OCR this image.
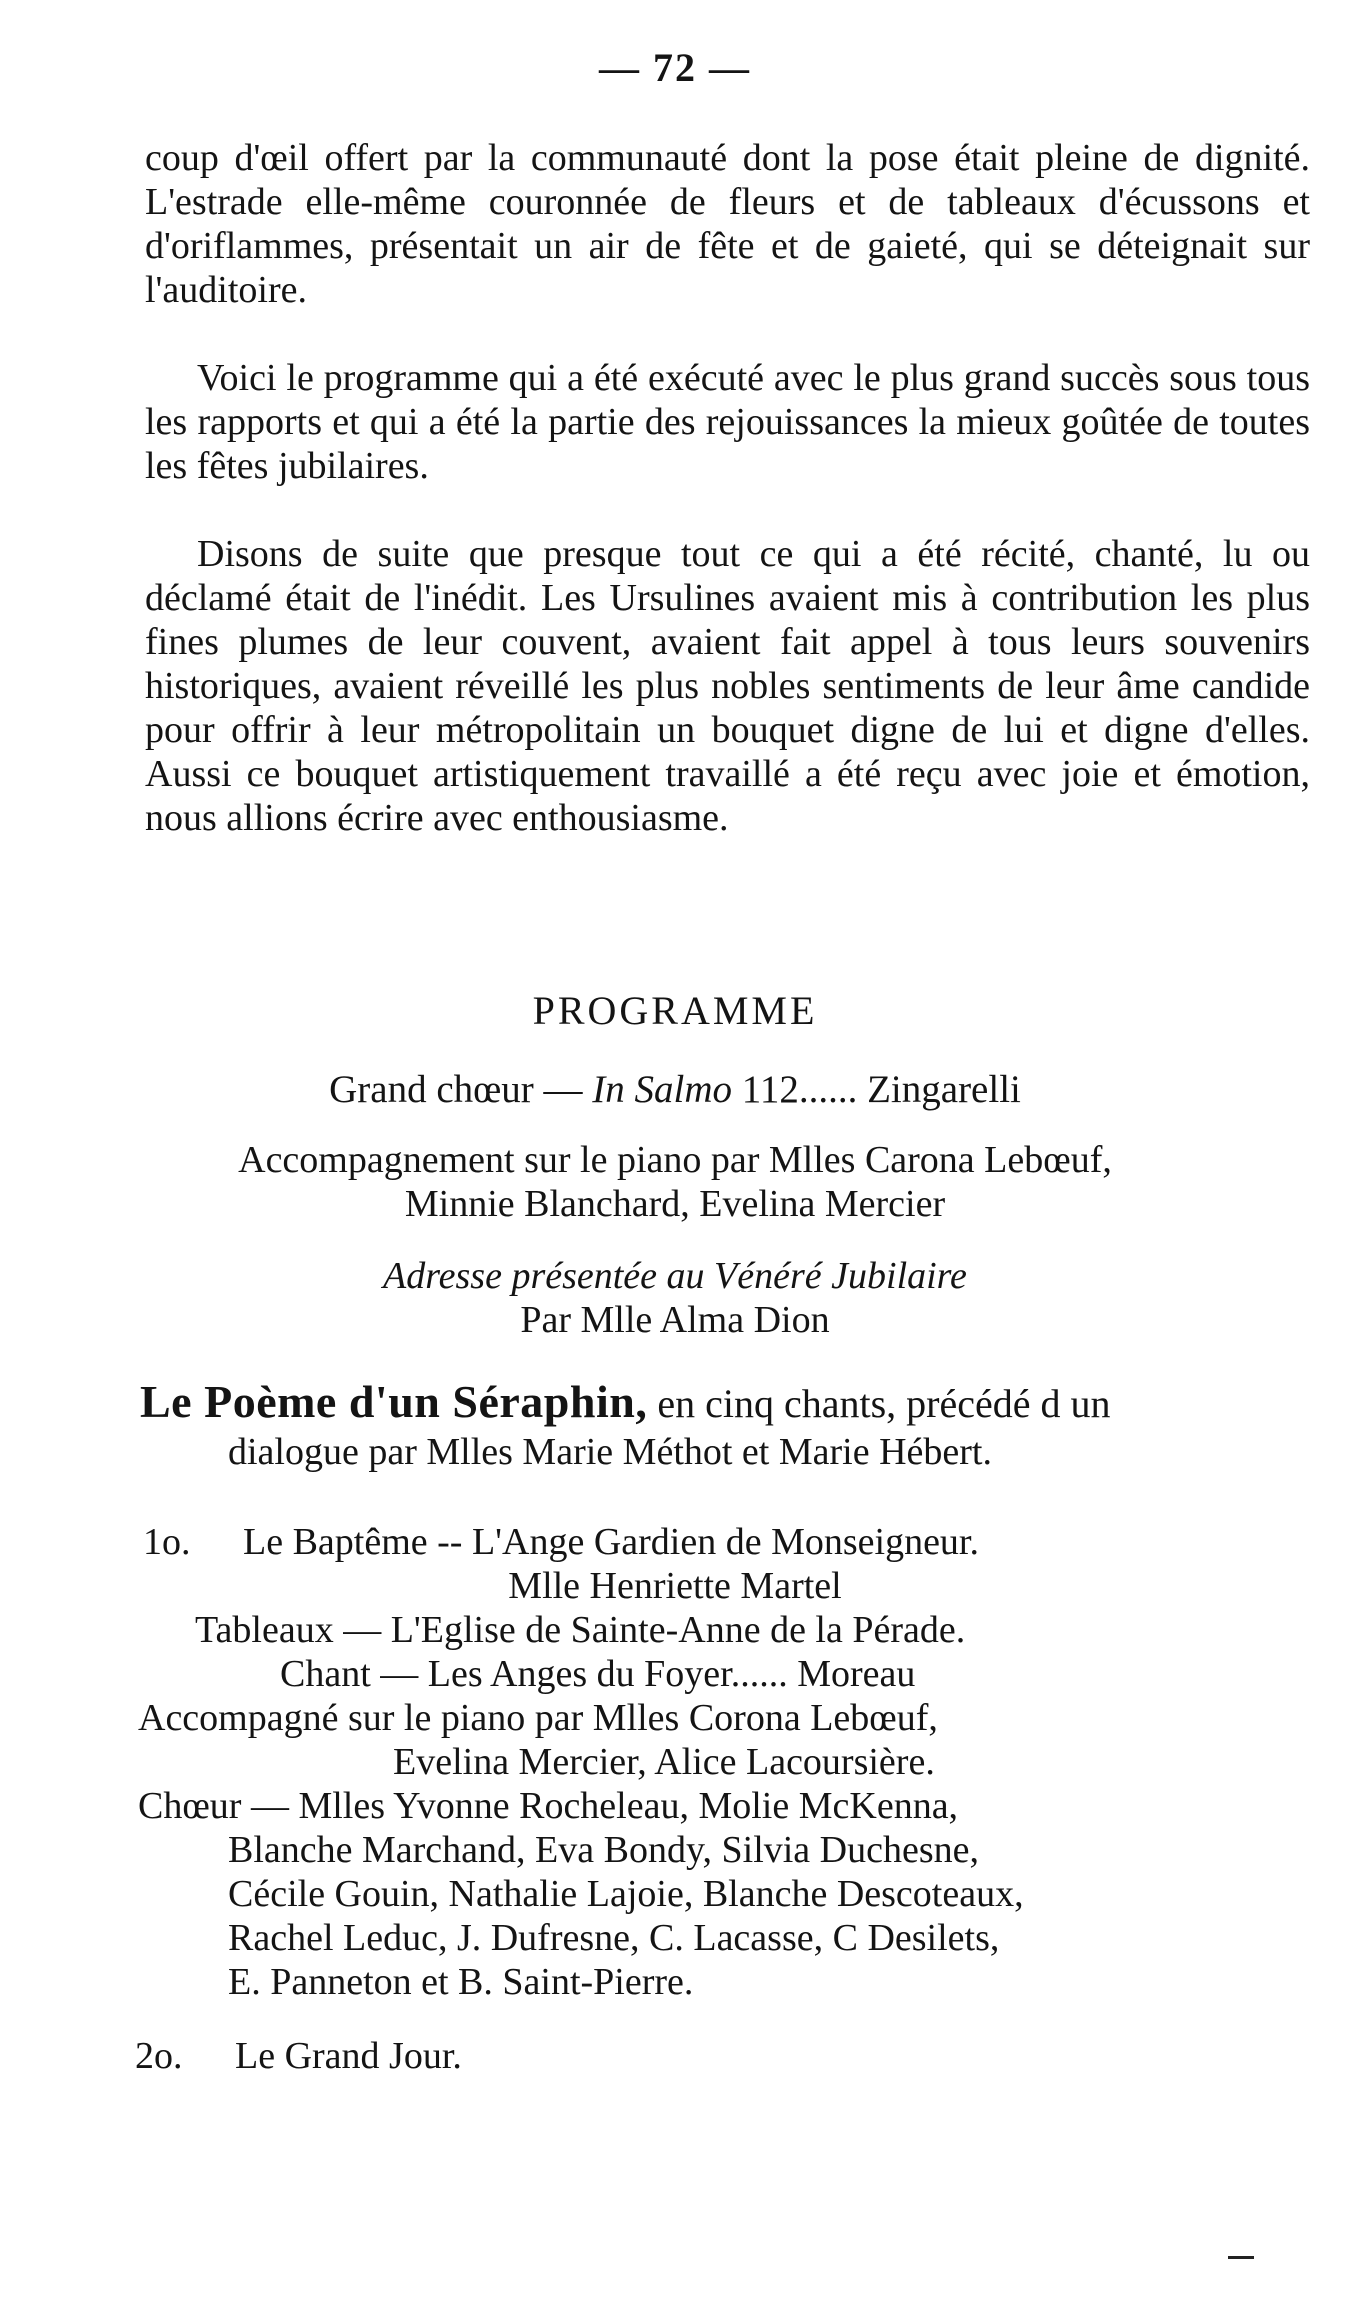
— 72 —

coup d'œil offert par la communauté dont la pose était pleine de dignité. L'estrade elle-même couronnée de fleurs et de tableaux d'écussons et d'oriflammes, présentait un air de fête et de gaieté, qui se déteignait sur l'auditoire.

Voici le programme qui a été exécuté avec le plus grand succès sous tous les rapports et qui a été la partie des rejouissances la mieux goûtée de toutes les fêtes jubilaires.

Disons de suite que presque tout ce qui a été récité, chanté, lu ou déclamé était de l'inédit. Les Ursulines avaient mis à contribution les plus fines plumes de leur couvent, avaient fait appel à tous leurs souvenirs historiques, avaient réveillé les plus nobles sentiments de leur âme candide pour offrir à leur métropolitain un bouquet digne de lui et digne d'elles. Aussi ce bouquet artistiquement travaillé a été reçu avec joie et émotion, nous allions écrire avec enthousiasme.

PROGRAMME
Grand chœur — In Salmo 112...... Zingarelli
Accompagnement sur le piano par Mlles Carona Lebœuf,
Minnie Blanchard, Evelina Mercier
Adresse présentée au Vénéré Jubilaire
Par Mlle Alma Dion
Le Poème d'un Séraphin, en cinq chants, précédé d un
dialogue par Mlles Marie Méthot et Marie Hébert.
1o. Le Baptême -- L'Ange Gardien de Monseigneur.
Mlle Henriette Martel
Tableaux — L'Eglise de Sainte-Anne de la Pérade.
Chant — Les Anges du Foyer...... Moreau
Accompagné sur le piano par Mlles Corona Lebœuf,
Evelina Mercier, Alice Lacoursière.
Chœur — Mlles Yvonne Rocheleau, Molie McKenna,
Blanche Marchand, Eva Bondy, Silvia Duchesne,
Cécile Gouin, Nathalie Lajoie, Blanche Descoteaux,
Rachel Leduc, J. Dufresne, C. Lacasse, C Desilets,
E. Panneton et B. Saint-Pierre.
2o. Le Grand Jour.
